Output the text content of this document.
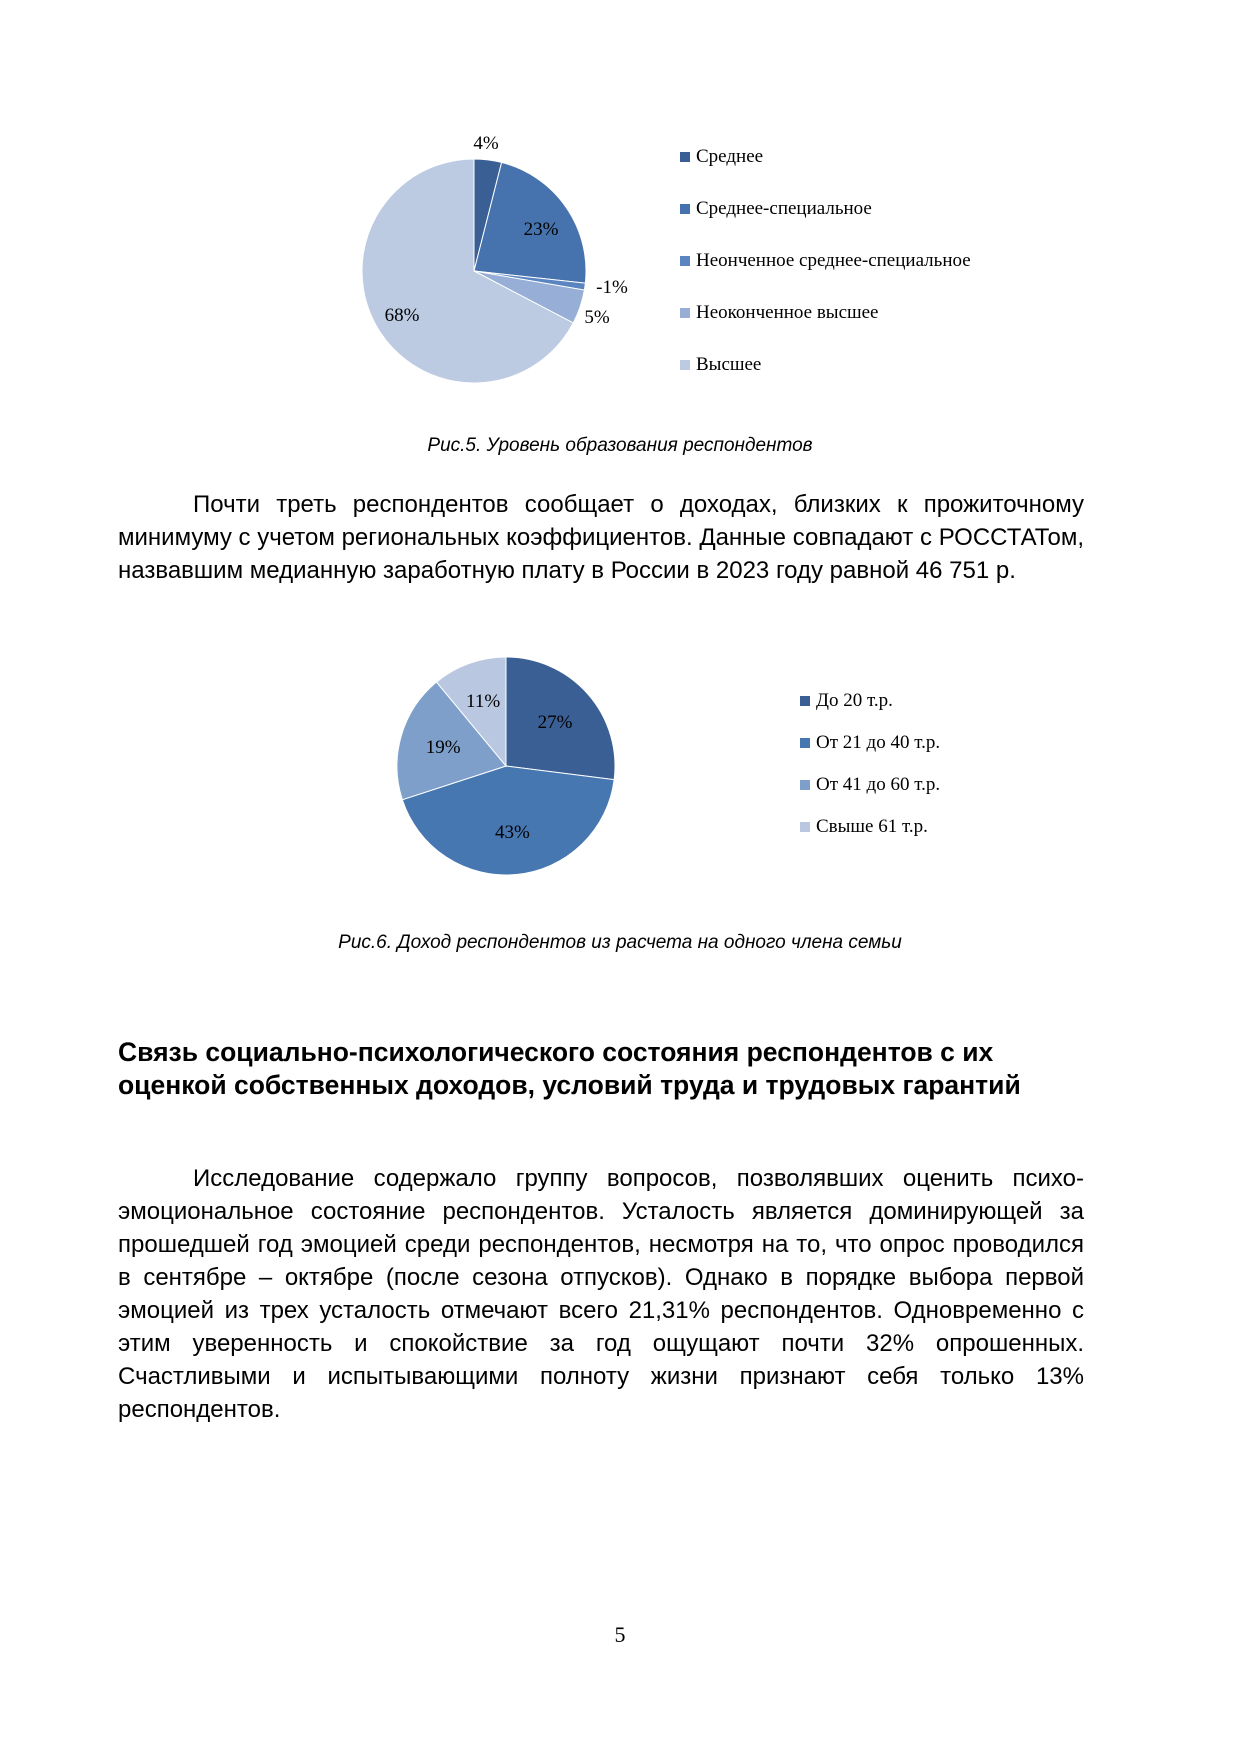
Среднее
Среднее-специальное
Неонченное среднее-специальное
Неоконченное высшее
Высшее
4%
23%
-1%
5%
68%
Рис.5. Уровень образования респондентов

Почти треть респондентов сообщает о доходах, близких к прожиточному минимуму с учетом региональных коэффициентов. Данные совпадают с РОССТАТом, назвавшим медианную заработную плату в России в 2023 году равной 46 751 р.

До 20 т.р.
От 21 до 40 т.р.
От 41 до 60 т.р.
Свыше 61 т.р.
27%
43%
19%
11%
Рис.6. Доход респондентов из расчета на одного члена семьи
Связь социально-психологического состояния респондентов с их оценкой собственных доходов, условий труда и трудовых гарантий

Исследование содержало группу вопросов, позволявших оценить психо-эмоциональное состояние респондентов. Усталость является доминирующей за прошедшей год эмоцией среди респондентов, несмотря на то, что опрос проводился в сентябре – октябре (после сезона отпусков). Однако в порядке выбора первой эмоцией из трех усталость отмечают всего 21,31% респондентов. Одновременно с этим уверенность и спокойствие за год ощущают почти 32% опрошенных. Счастливыми и испытывающими полноту жизни признают себя только 13% респондентов.

5
